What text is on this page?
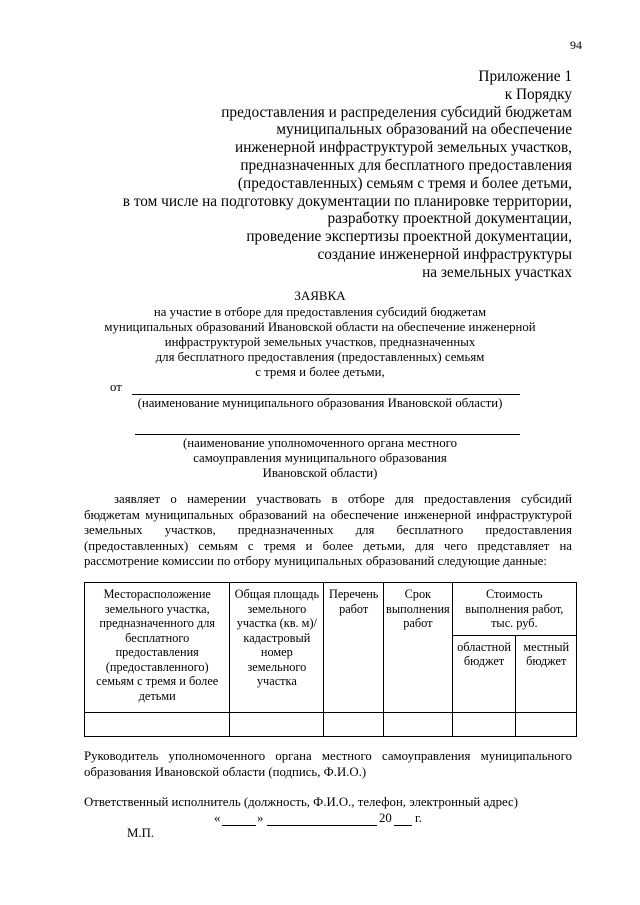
94
Приложение 1
к Порядку
предоставления и распределения субсидий бюджетам
муниципальных образований на обеспечение
инженерной инфраструктурой земельных участков,
предназначенных для бесплатного предоставления
(предоставленных) семьям с тремя и более детьми,
в том числе на подготовку документации по планировке территории,
разработку проектной документации,
проведение экспертизы проектной документации,
создание инженерной инфраструктуры
на земельных участках
ЗАЯВКА
на участие в отборе для предоставления субсидий бюджетам
муниципальных образований Ивановской области на обеспечение инженерной
инфраструктурой земельных участков, предназначенных
для бесплатного предоставления (предоставленных) семьям
с тремя и более детьми,
от
(наименование муниципального образования Ивановской области)
(наименование уполномоченного органа местного
самоуправления муниципального образования
Ивановской области)
заявляет о намерении участвовать в отборе для предоставления субсидий бюджетам муниципальных образований на обеспечение инженерной инфраструктурой земельных участков, предназначенных для бесплатного предоставления (предоставленных) семьям с тремя и более детьми, для чего представляет на рассмотрение комиссии по отбору муниципальных образований следующие данные:
Месторасположение земельного участка, предназначенного для бесплатного предоставления (предоставленного) семьям с тремя и более детьми	Общая площадь земельного участка (кв. м)/кадастровый номер земельного участка	Перечень работ	Срок выполнения работ	Стоимость выполнения работ, тыс. руб.	
				областной бюджет	местный бюджет

Руководитель уполномоченного органа местного самоуправления муниципального образования Ивановской области (подпись, Ф.И.О.)
Ответственный исполнитель (должность, Ф.И.О., телефон, электронный адрес)
«	»	20 г.
М.П.
